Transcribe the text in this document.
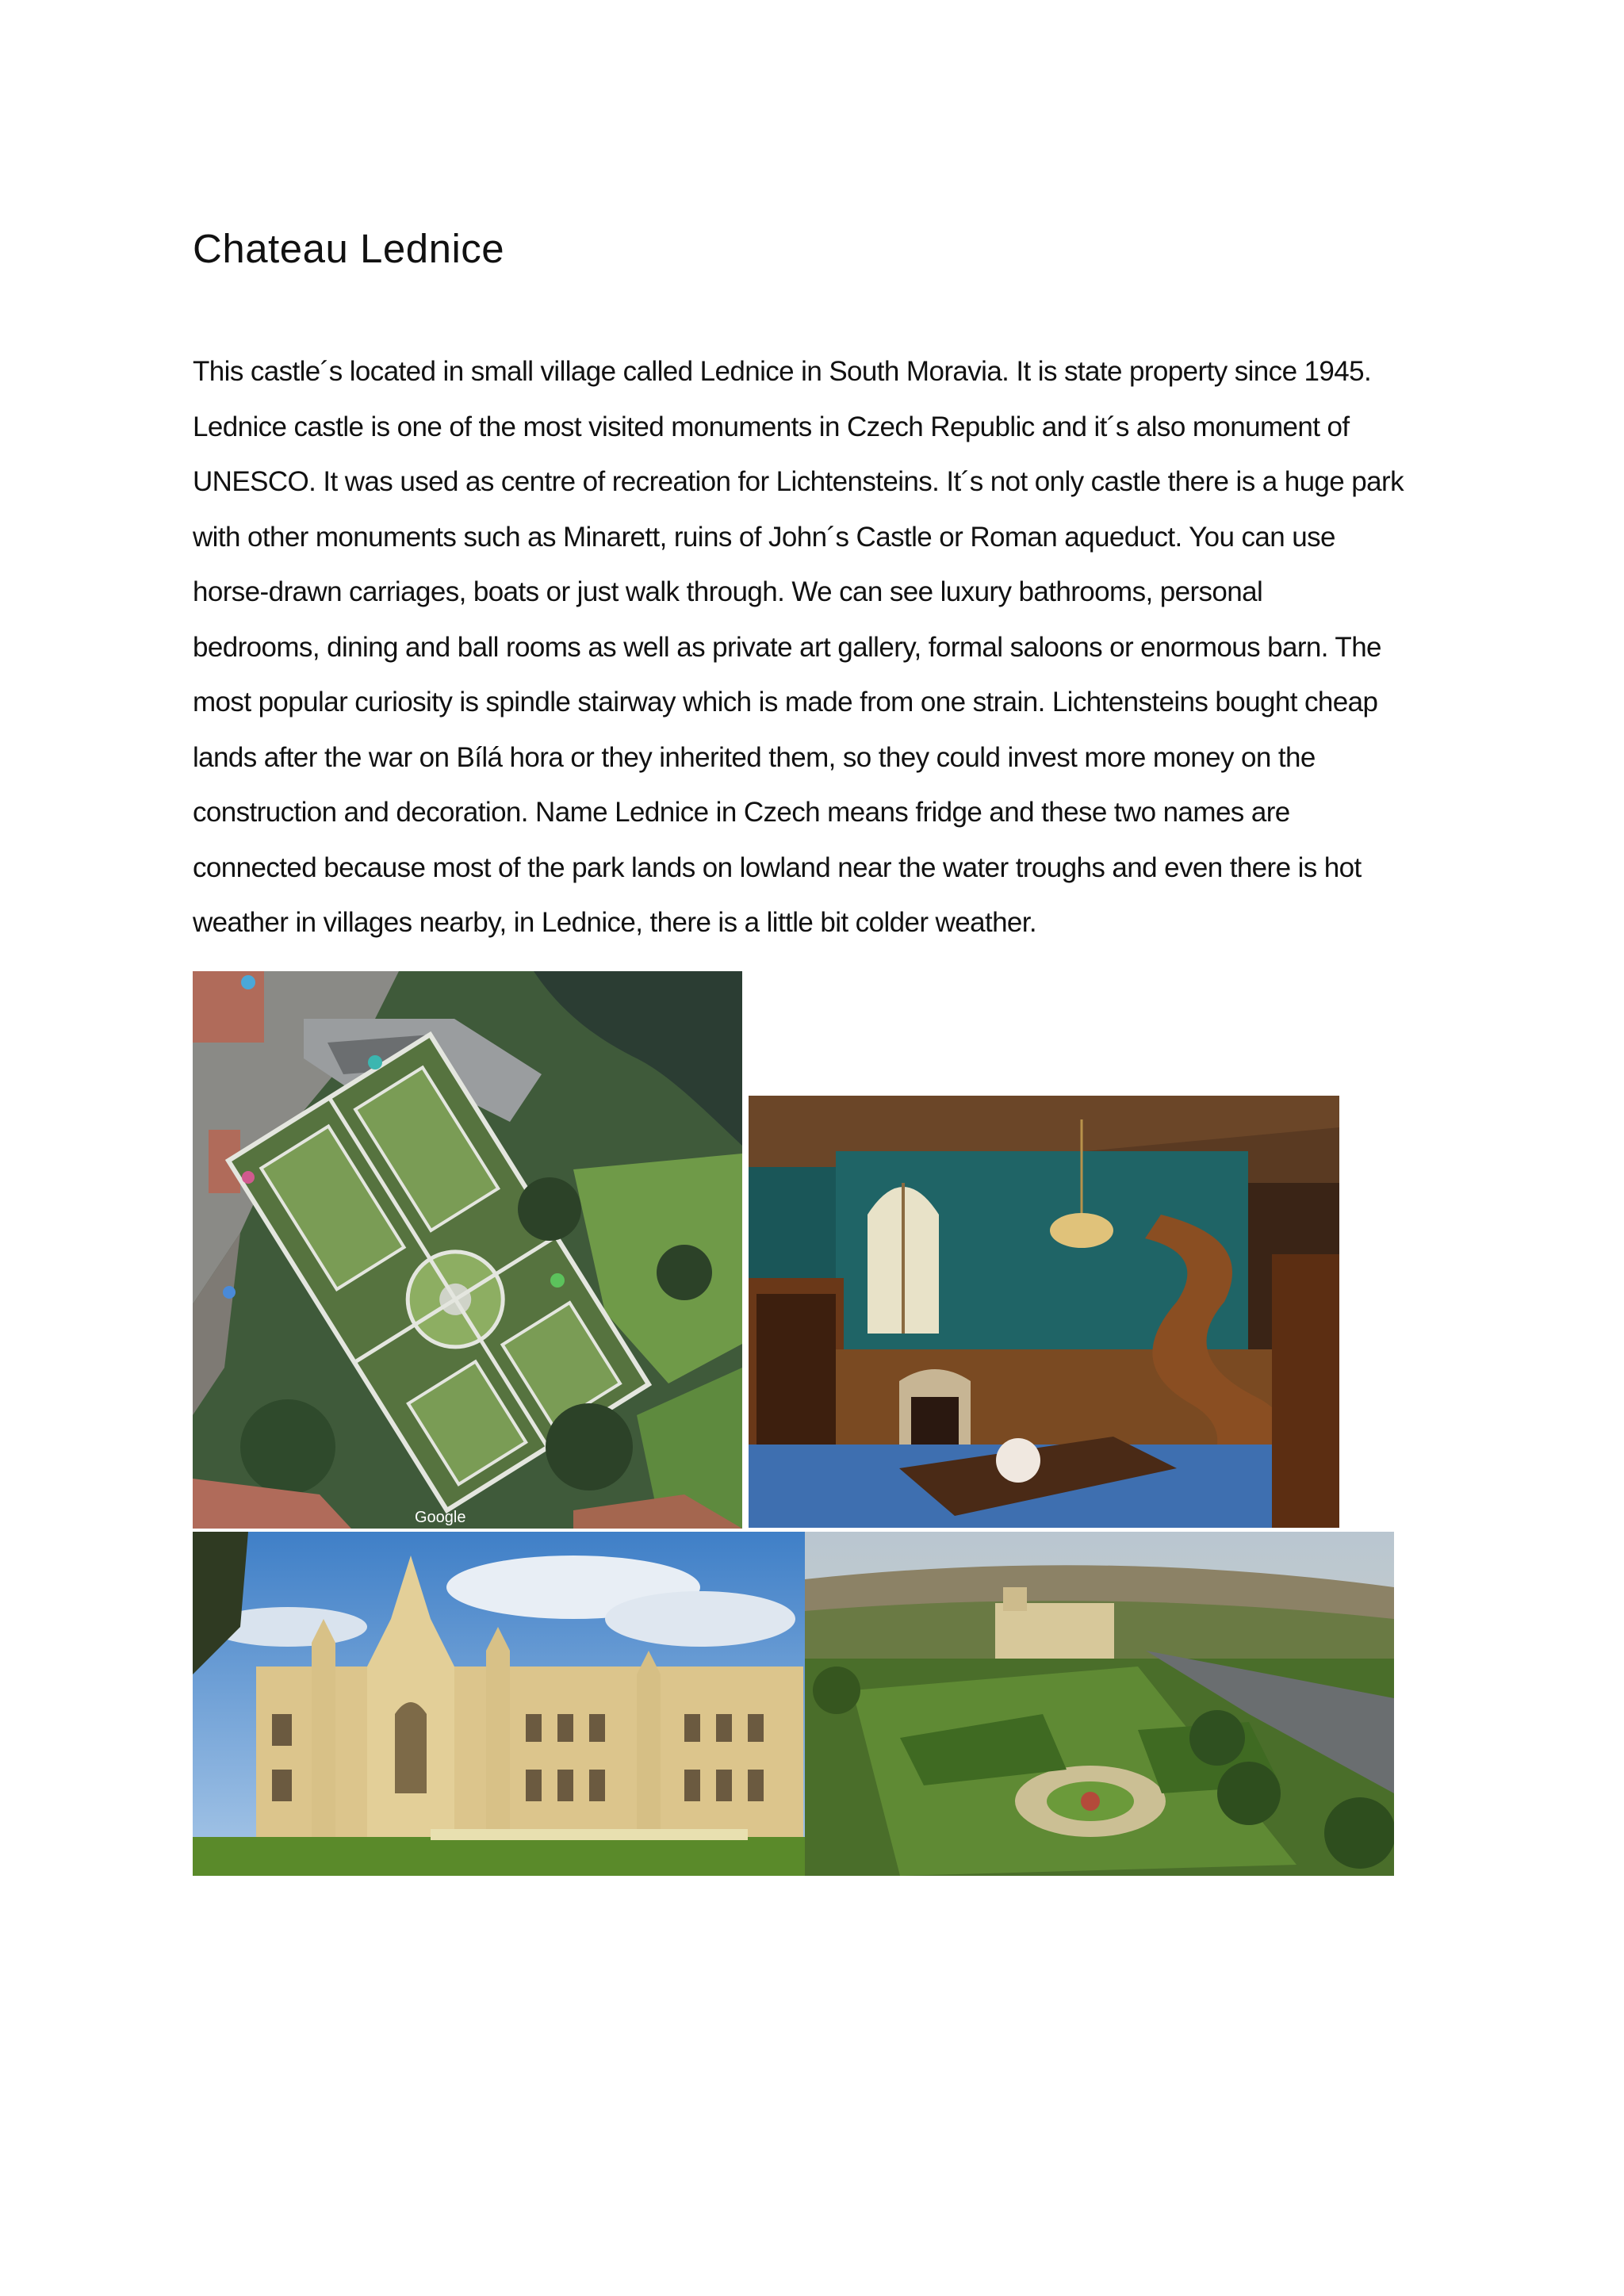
Chateau Lednice

This castle´s located in small village called Lednice in South Moravia. It is state property since 1945.
Lednice castle is one of the most visited monuments in Czech Republic and it´s also monument of
UNESCO. It was used as centre of recreation for Lichtensteins. It´s not only castle there is a huge park
with other monuments such as Minarett, ruins of John´s Castle or Roman aqueduct. You can use
horse-drawn carriages, boats or just walk through. We can see luxury bathrooms, personal
bedrooms, dining and ball rooms as well as private art gallery, formal saloons or enormous barn. The
most popular curiosity is spindle stairway which is made from one strain. Lichtensteins bought cheap
lands after the war on Bílá hora or they inherited them, so they could invest more money on the
construction and decoration. Name Lednice in Czech means fridge and these two names are
connected because most of the park lands on lowland near the water troughs and even there is hot
weather in villages nearby, in Lednice, there is a little bit colder weather.

Google
